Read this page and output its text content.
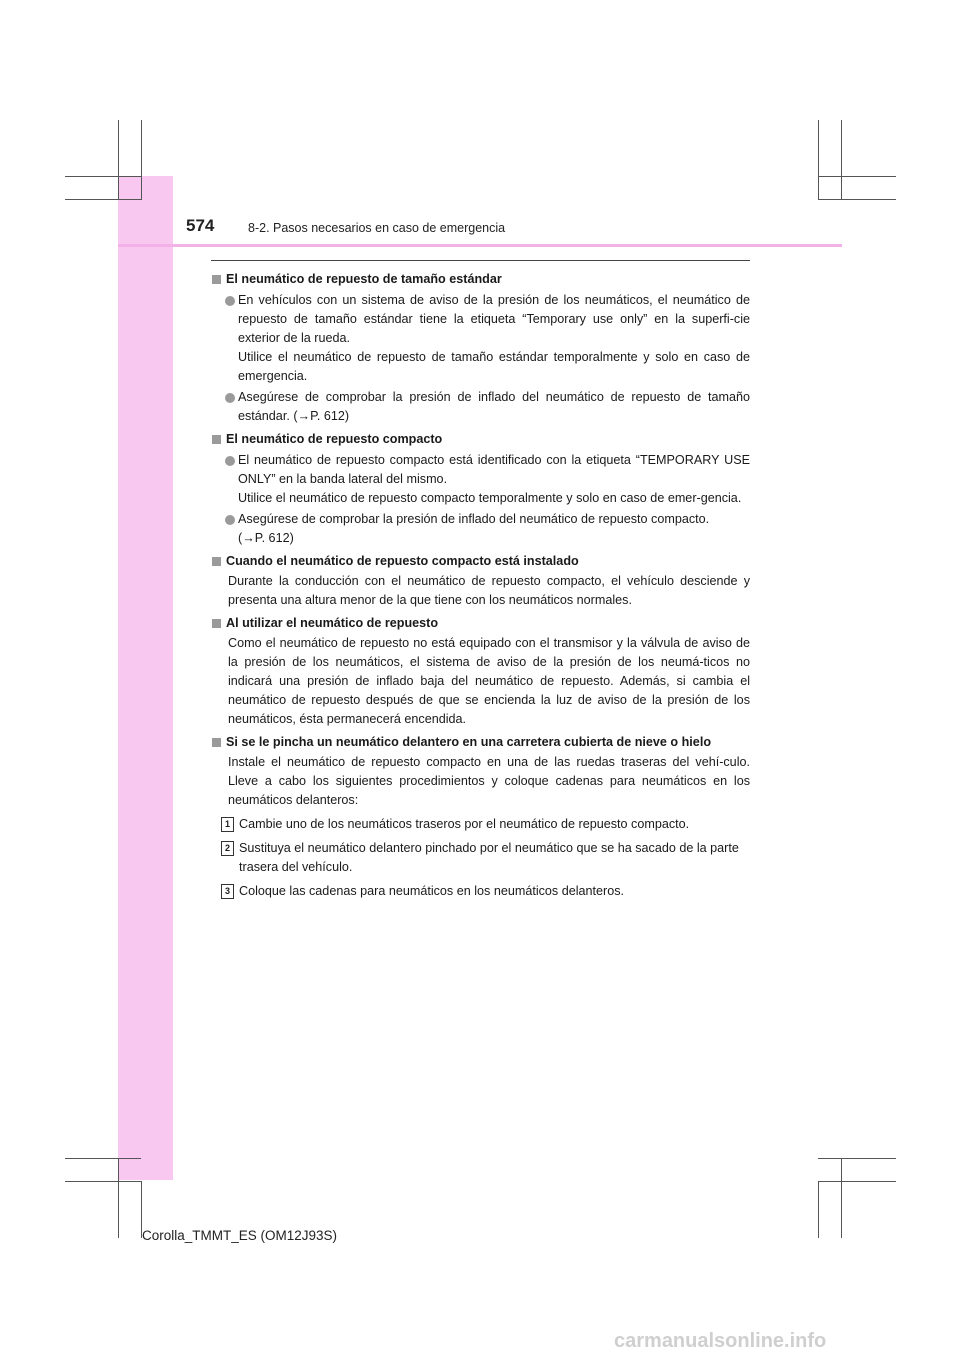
574	8-2. Pasos necesarios en caso de emergencia
El neumático de repuesto de tamaño estándar
En vehículos con un sistema de aviso de la presión de los neumáticos, el neumático de repuesto de tamaño estándar tiene la etiqueta “Temporary use only” en la superfi-cie exterior de la rueda.
Utilice el neumático de repuesto de tamaño estándar temporalmente y solo en caso de emergencia.
Asegúrese de comprobar la presión de inflado del neumático de repuesto de tamaño estándar. (→P. 612)
El neumático de repuesto compacto
El neumático de repuesto compacto está identificado con la etiqueta “TEMPORARY USE ONLY” en la banda lateral del mismo.
Utilice el neumático de repuesto compacto temporalmente y solo en caso de emer-gencia.
Asegúrese de comprobar la presión de inflado del neumático de repuesto compacto.
(→P. 612)
Cuando el neumático de repuesto compacto está instalado
Durante la conducción con el neumático de repuesto compacto, el vehículo desciende y presenta una altura menor de la que tiene con los neumáticos normales.
Al utilizar el neumático de repuesto
Como el neumático de repuesto no está equipado con el transmisor y la válvula de aviso de la presión de los neumáticos, el sistema de aviso de la presión de los neumá-ticos no indicará una presión de inflado baja del neumático de repuesto. Además, si cambia el neumático de repuesto después de que se encienda la luz de aviso de la presión de los neumáticos, ésta permanecerá encendida.
Si se le pincha un neumático delantero en una carretera cubierta de nieve o hielo
Instale el neumático de repuesto compacto en una de las ruedas traseras del vehí-culo. Lleve a cabo los siguientes procedimientos y coloque cadenas para neumáticos en los neumáticos delanteros:
1 Cambie uno de los neumáticos traseros por el neumático de repuesto compacto.
2 Sustituya el neumático delantero pinchado por el neumático que se ha sacado de la parte trasera del vehículo.
3 Coloque las cadenas para neumáticos en los neumáticos delanteros.
Corolla_TMMT_ES (OM12J93S)
carmanualsonline.info
